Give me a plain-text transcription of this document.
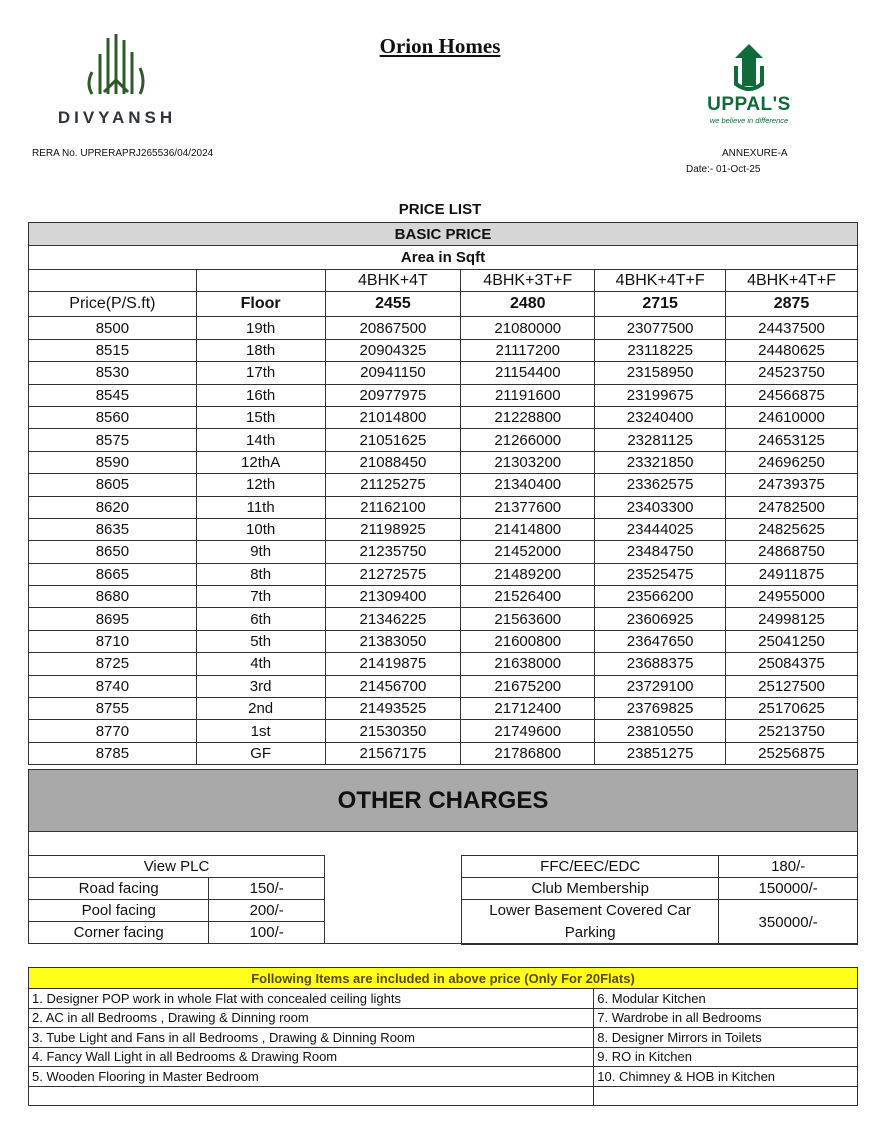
Orion Homes
DIVYANSH
UPPAL'S
we believe in difference
RERA No. UPRERAPRJ265536/04/2024	ANNEXURE-A
Date:- 01-Oct-25
PRICE LIST
BASIC PRICE					
Area in Sqft					
		4BHK+4T	4BHK+3T+F	4BHK+4T+F	4BHK+4T+F
Price(P/S.ft)	Floor	2455	2480	2715	2875
8500	19th	20867500	21080000	23077500	24437500
8515	18th	20904325	21117200	23118225	24480625
8530	17th	20941150	21154400	23158950	24523750
8545	16th	20977975	21191600	23199675	24566875
8560	15th	21014800	21228800	23240400	24610000
8575	14th	21051625	21266000	23281125	24653125
8590	12thA	21088450	21303200	23321850	24696250
8605	12th	21125275	21340400	23362575	24739375
8620	11th	21162100	21377600	23403300	24782500
8635	10th	21198925	21414800	23444025	24825625
8650	9th	21235750	21452000	23484750	24868750
8665	8th	21272575	21489200	23525475	24911875
8680	7th	21309400	21526400	23566200	24955000
8695	6th	21346225	21563600	23606925	24998125
8710	5th	21383050	21600800	23647650	25041250
8725	4th	21419875	21638000	23688375	25084375
8740	3rd	21456700	21675200	23729100	25127500
8755	2nd	21493525	21712400	23769825	25170625
8770	1st	21530350	21749600	23810550	25213750
8785	GF	21567175	21786800	23851275	25256875
OTHER CHARGES
View PLC	
Road facing	150/-
Pool facing	200/-
Corner facing	100/-
FFC/EEC/EDC	180/-
Club Membership	150000/-
Lower Basement Covered Car Parking	350000/-
Following Items are included in above price (Only For 20Flats)	
1. Designer POP work in whole Flat with concealed ceiling lights	6. Modular Kitchen
2. AC in all Bedrooms , Drawing & Dinning room	7. Wardrobe in all Bedrooms
3. Tube Light and Fans in all Bedrooms , Drawing & Dinning Room	8. Designer Mirrors in Toilets
4. Fancy Wall Light in all Bedrooms & Drawing Room	9. RO in Kitchen
5. Wooden Flooring in Master Bedroom	10. Chimney & HOB in Kitchen
